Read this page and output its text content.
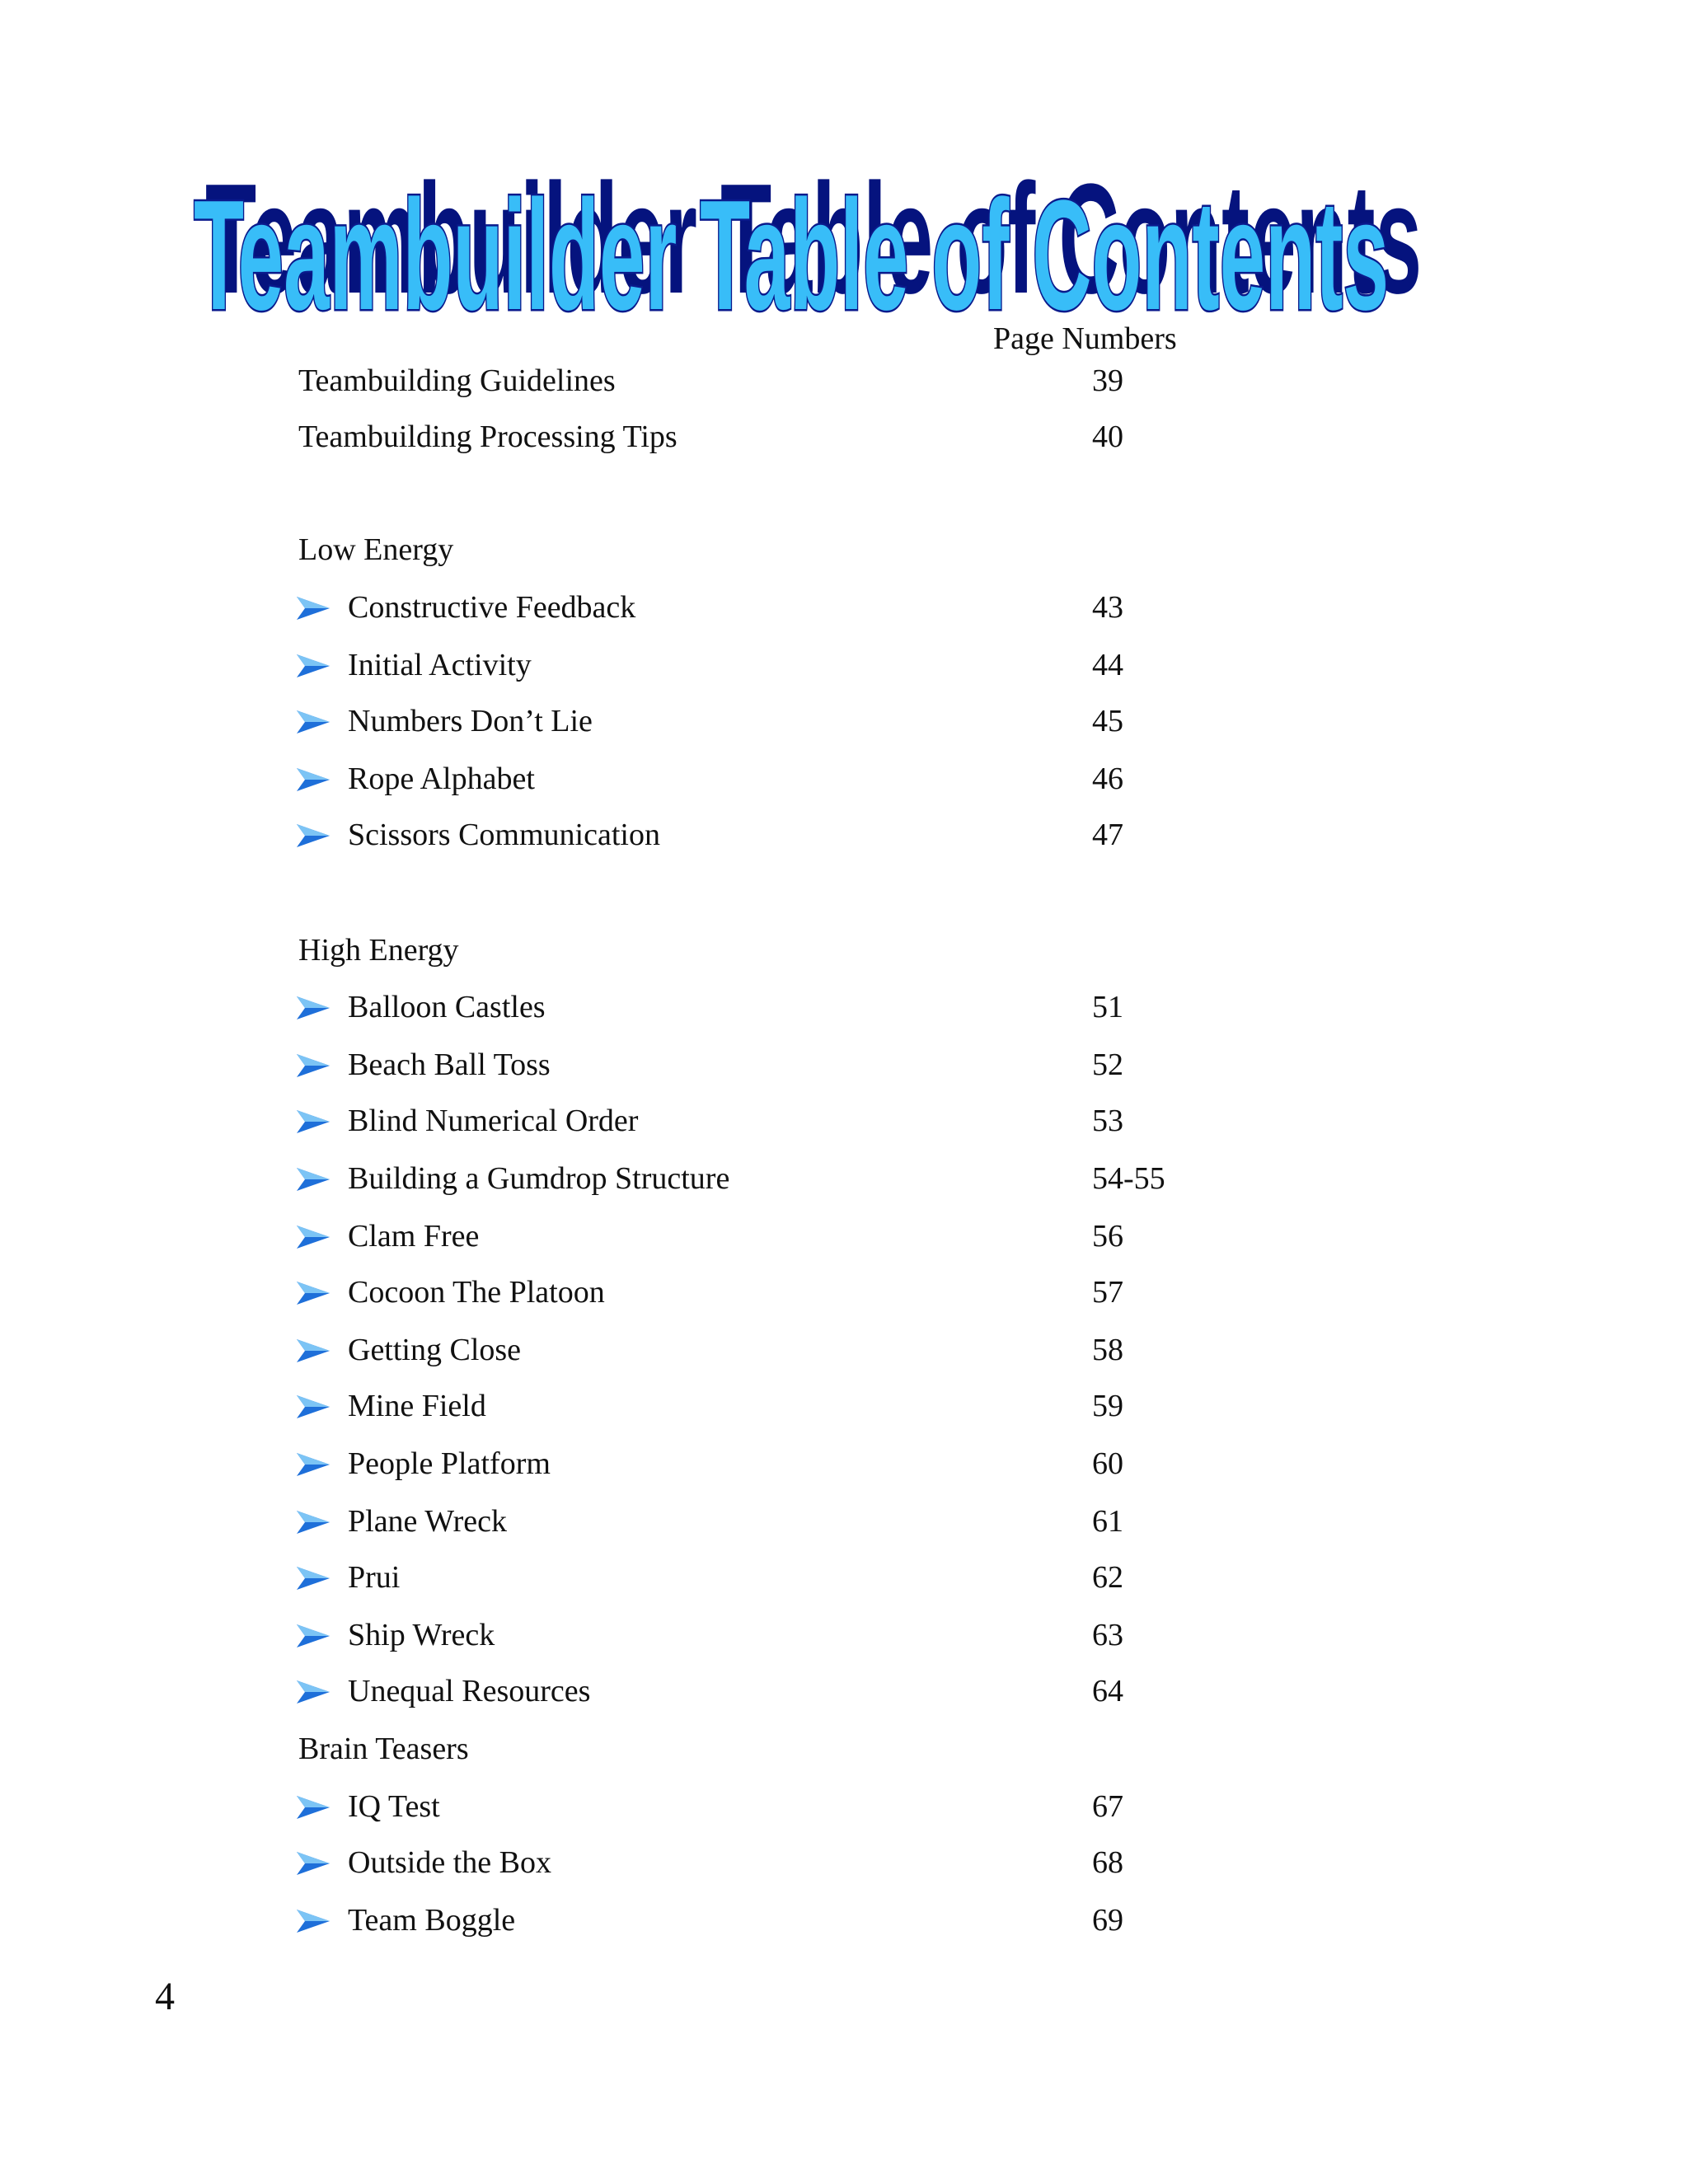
Teambuilder Table of Contents
Teambuilder Table of Contents
Page Numbers
Teambuilding Guidelines	39
Teambuilding Processing Tips	40
Low Energy
Constructive Feedback	43
Initial Activity	44
Numbers Don’t Lie	45
Rope Alphabet	46
Scissors Communication	47
High Energy
Balloon Castles	51
Beach Ball Toss	52
Blind Numerical Order	53
Building a Gumdrop Structure	54-55
Clam Free	56
Cocoon The Platoon	57
Getting Close	58
Mine Field	59
People Platform	60
Plane Wreck	61
Prui	62
Ship Wreck	63
Unequal Resources	64
Brain Teasers
IQ Test	67
Outside the Box	68
Team Boggle	69
4
